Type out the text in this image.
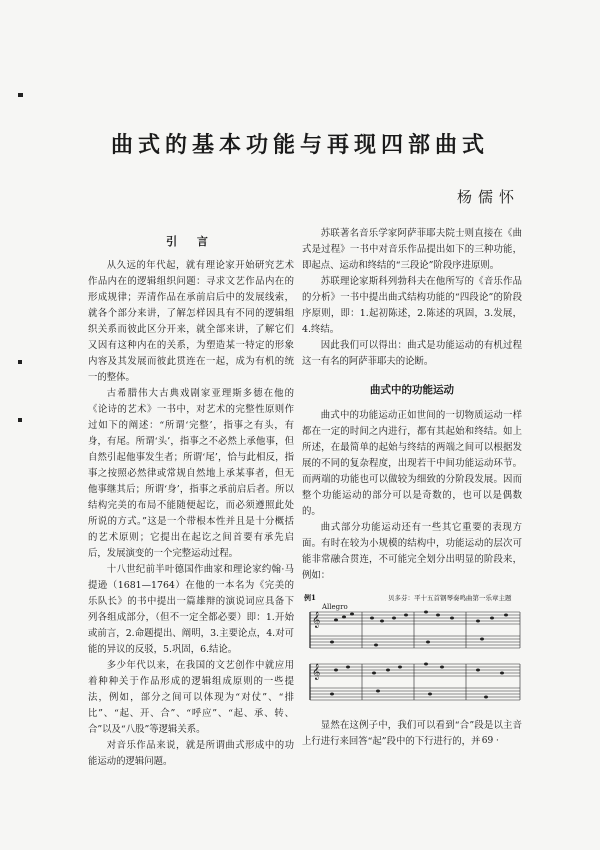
曲式的基本功能与再现四部曲式
杨儒怀
引 言

从久远的年代起，就有理论家开始研究艺术作品内在的逻辑组织问题：寻求文艺作品内在的形成规律；弄清作品在承前启后中的发展线索，就各个部分来讲，了解怎样因具有不同的逻辑组织关系而彼此区分开来，就全部来讲，了解它们又因有这种内在的关系，为塑造某一特定的形象内容及其发展而彼此贯连在一起，成为有机的统一的整体。

古希腊伟大古典戏剧家亚理斯多德在他的《论诗的艺术》一书中，对艺术的完整性原则作过如下的阐述：“所谓‘完整’，指事之有头，有身，有尾。所谓‘头’，指事之不必然上承他事，但自然引起他事发生者；所谓‘尾’，恰与此相反，指事之按照必然律或常规自然地上承某事者，但无他事继其后；所谓‘身’，指事之承前启后者。所以结构完美的布局不能随便起讫，而必须遵照此处所说的方式。”这是一个带根本性并且是十分概括的艺术原则；它提出在起讫之间首要有承先启后，发展演变的一个完整运动过程。

十八世纪前半叶德国作曲家和理论家约翰·马提逊（1681—1764）在他的一本名为《完美的乐队长》的书中提出一篇雄辩的演说词应具备下列各组成部分，（但不一定全都必要）即：1.开始或前言，2.命题提出、阐明，3.主要论点，4.对可能的异议的反驳，5.巩固，6.结论。

多少年代以来，在我国的文艺创作中就应用着种种关于作品形成的逻辑组成原则的一些提法，例如，部分之间可以体现为“对仗”、“排比”、“起、开、合”、“呼应”、“起、承、转、合”以及“八股”等逻辑关系。

对音乐作品来说，就是所谓曲式形成中的功能运动的逻辑问题。

苏联著名音乐学家阿萨菲耶夫院士则直接在《曲式是过程》一书中对音乐作品提出如下的三种功能，即起点、运动和终结的“三段论”阶段序进原则。

苏联理论家斯科列勃科夫在他所写的《音乐作品的分析》一书中提出曲式结构功能的“四段论”的阶段序原则，即：1.起初陈述，2.陈述的巩固，3.发展，4.终结。

因此我们可以得出：曲式是功能运动的有机过程这一有名的阿萨菲耶夫的论断。

曲式中的功能运动

曲式中的功能运动正如世间的一切物质运动一样都在一定的时间之内进行，都有其起始和终结。如上所述，在最简单的起始与终结的两端之间可以根据发展的不同的复杂程度，出现若干中间功能运动环节。而两端的功能也可以做较为细致的分阶段发展。因而整个功能运动的部分可以是奇数的，也可以是偶数的。

曲式部分功能运动还有一些其它重要的表现方面。有时在较为小规模的结构中，功能运动的层次可能非常融合贯连，不可能完全划分出明显的阶段来，例如：

𝄞
𝄞
例1
Allegro
贝多芬：平十五首钢琴奏鸣曲第一乐章主题

显然在这例子中，我们可以看到“合”段是以主音上行进行来回答“起”段中的下行进行的，并

· 69 ·
